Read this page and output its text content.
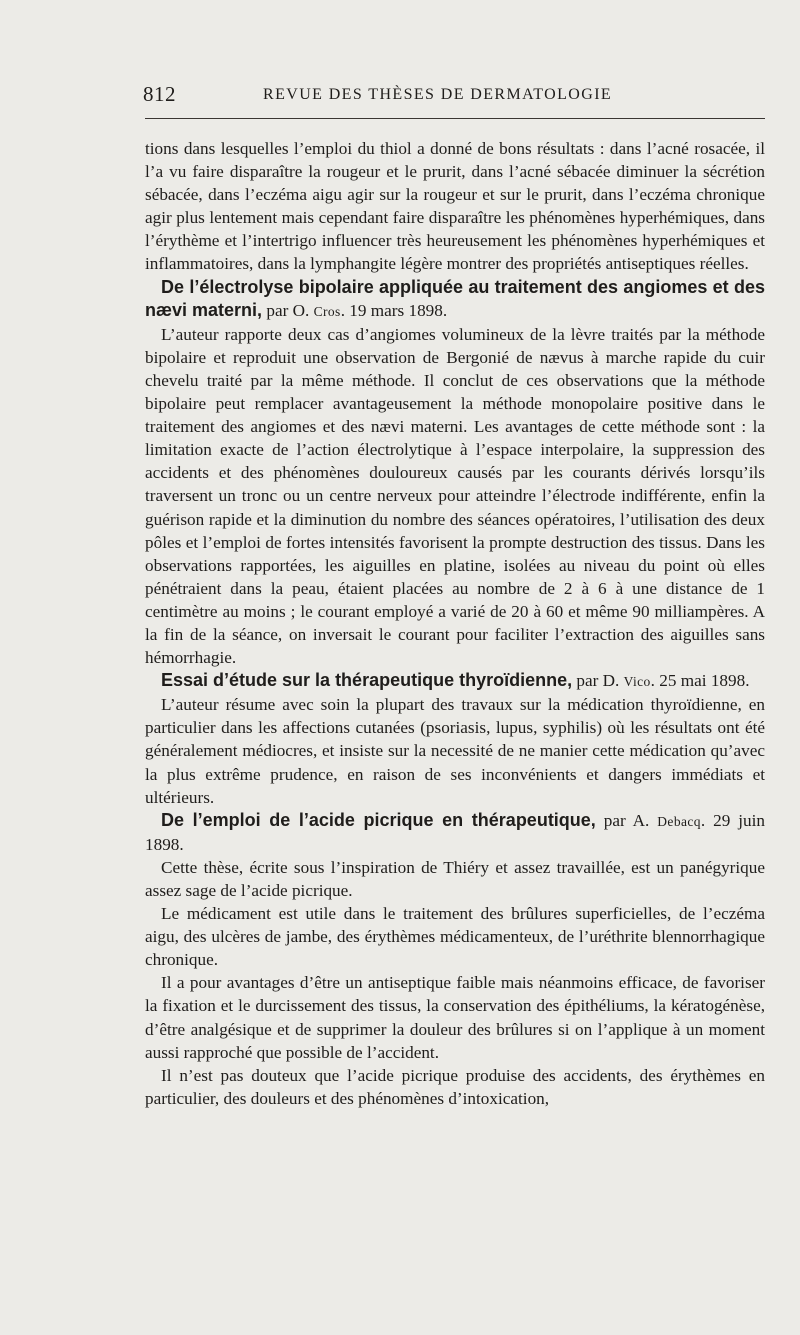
812	REVUE DES THÈSES DE DERMATOLOGIE

tions dans lesquelles l’emploi du thiol a donné de bons résultats : dans l’acné rosacée, il l’a vu faire disparaître la rougeur et le prurit, dans l’acné sébacée diminuer la sécrétion sébacée, dans l’eczéma aigu agir sur la rougeur et sur le prurit, dans l’eczéma chronique agir plus lentement mais cependant faire disparaître les phénomènes hyperhémiques, dans l’érythème et l’intertrigo influencer très heureusement les phénomènes hyperhémiques et inflammatoires, dans la lymphangite légère montrer des propriétés antiseptiques réelles.

De l’électrolyse bipolaire appliquée au traitement des angiomes et des nævi materni, par O. Cros. 19 mars 1898.

L’auteur rapporte deux cas d’angiomes volumineux de la lèvre traités par la méthode bipolaire et reproduit une observation de Bergonié de nævus à marche rapide du cuir chevelu traité par la même méthode. Il conclut de ces observations que la méthode bipolaire peut remplacer avantageusement la méthode monopolaire positive dans le traitement des angiomes et des nævi materni. Les avantages de cette méthode sont : la limitation exacte de l’action électrolytique à l’espace interpolaire, la suppression des accidents et des phénomènes douloureux causés par les courants dérivés lorsqu’ils traversent un tronc ou un centre nerveux pour atteindre l’électrode indifférente, enfin la guérison rapide et la diminution du nombre des séances opératoires, l’utilisation des deux pôles et l’emploi de fortes intensités favorisent la prompte destruction des tissus. Dans les observations rapportées, les aiguilles en platine, isolées au niveau du point où elles pénétraient dans la peau, étaient placées au nombre de 2 à 6 à une distance de 1 centimètre au moins ; le courant employé a varié de 20 à 60 et même 90 milliampères. A la fin de la séance, on inversait le courant pour faciliter l’extraction des aiguilles sans hémorrhagie.

Essai d’étude sur la thérapeutique thyroïdienne, par D. Vico. 25 mai 1898.

L’auteur résume avec soin la plupart des travaux sur la médication thyroïdienne, en particulier dans les affections cutanées (psoriasis, lupus, syphilis) où les résultats ont été généralement médiocres, et insiste sur la necessité de ne manier cette médication qu’avec la plus extrême prudence, en raison de ses inconvénients et dangers immédiats et ultérieurs.

De l’emploi de l’acide picrique en thérapeutique, par A. Debacq. 29 juin 1898.

Cette thèse, écrite sous l’inspiration de Thiéry et assez travaillée, est un panégyrique assez sage de l’acide picrique.

Le médicament est utile dans le traitement des brûlures superficielles, de l’eczéma aigu, des ulcères de jambe, des érythèmes médicamenteux, de l’uréthrite blennorrhagique chronique.

Il a pour avantages d’être un antiseptique faible mais néanmoins efficace, de favoriser la fixation et le durcissement des tissus, la conservation des épithéliums, la kératogénèse, d’être analgésique et de supprimer la douleur des brûlures si on l’applique à un moment aussi rapproché que possible de l’accident.

Il n’est pas douteux que l’acide picrique produise des accidents, des érythèmes en particulier, des douleurs et des phénomènes d’intoxication,
